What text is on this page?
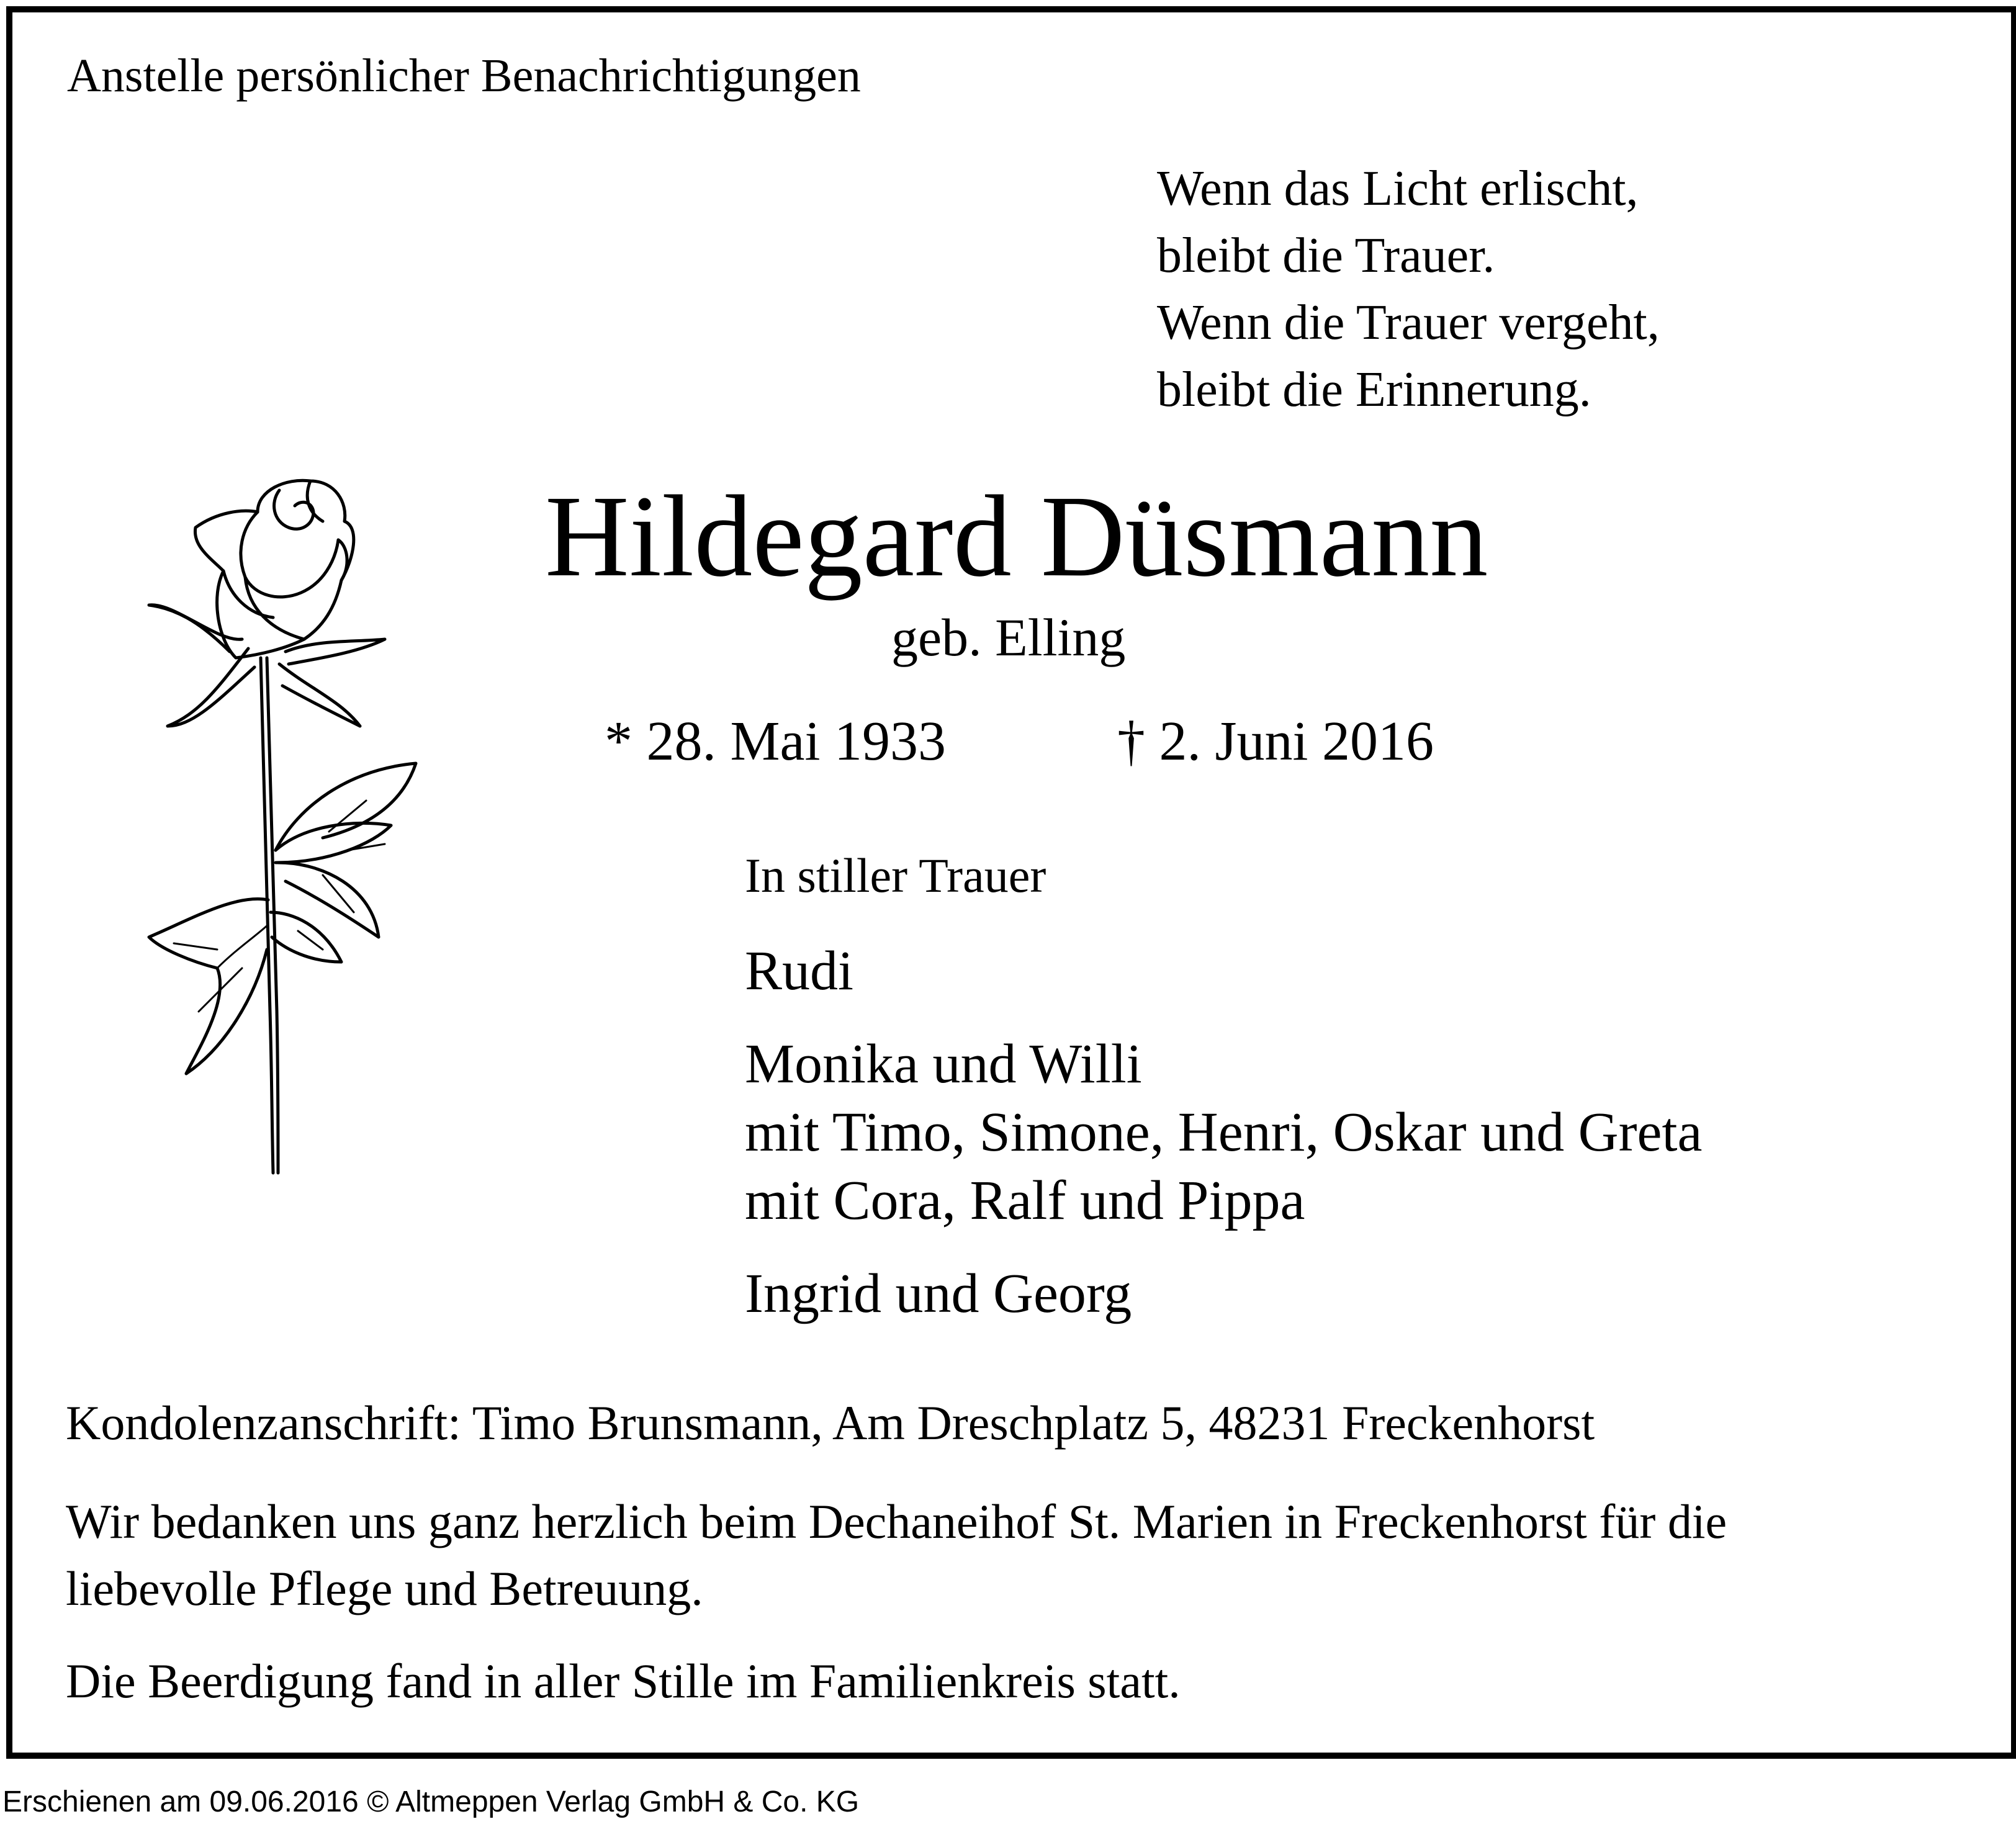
Anstelle persönlicher Benachrichtigungen
Wenn das Licht erlischt,
bleibt die Trauer.
Wenn die Trauer vergeht,
bleibt die Erinnerung.
Hildegard Düsmann
geb. Elling
* 28. Mai 1933	† 2. Juni 2016
In stiller Trauer
Rudi
Monika und Willi
mit Timo, Simone, Henri, Oskar und Greta
mit Cora, Ralf und Pippa
Ingrid und Georg
Kondolenzanschrift: Timo Brunsmann, Am Dreschplatz 5, 48231 Freckenhorst
Wir bedanken uns ganz herzlich beim Dechaneihof St. Marien in Freckenhorst für die
liebevolle Pflege und Betreuung.
Die Beerdigung fand in aller Stille im Familienkreis statt.
Erschienen am 09.06.2016 © Altmeppen Verlag GmbH & Co. KG
